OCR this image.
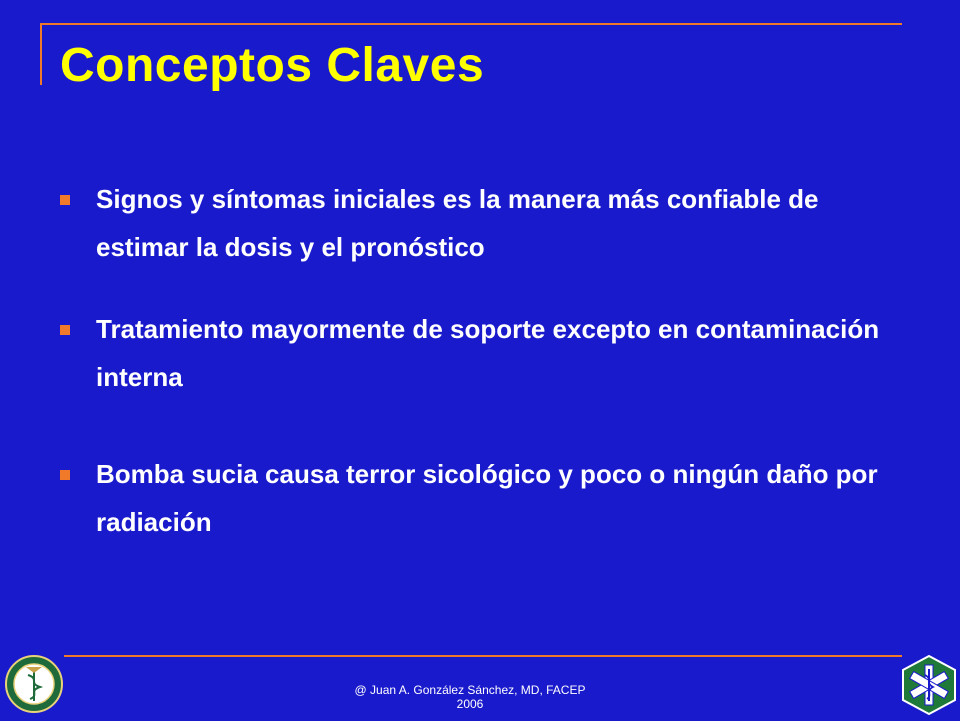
Conceptos Claves
Signos y síntomas iniciales es la manera más confiable de estimar la dosis y el pronóstico
Tratamiento mayormente de soporte excepto en contaminación interna
Bomba sucia causa terror sicológico y poco o ningún daño por radiación
@ Juan A. González Sánchez, MD, FACEP
2006
